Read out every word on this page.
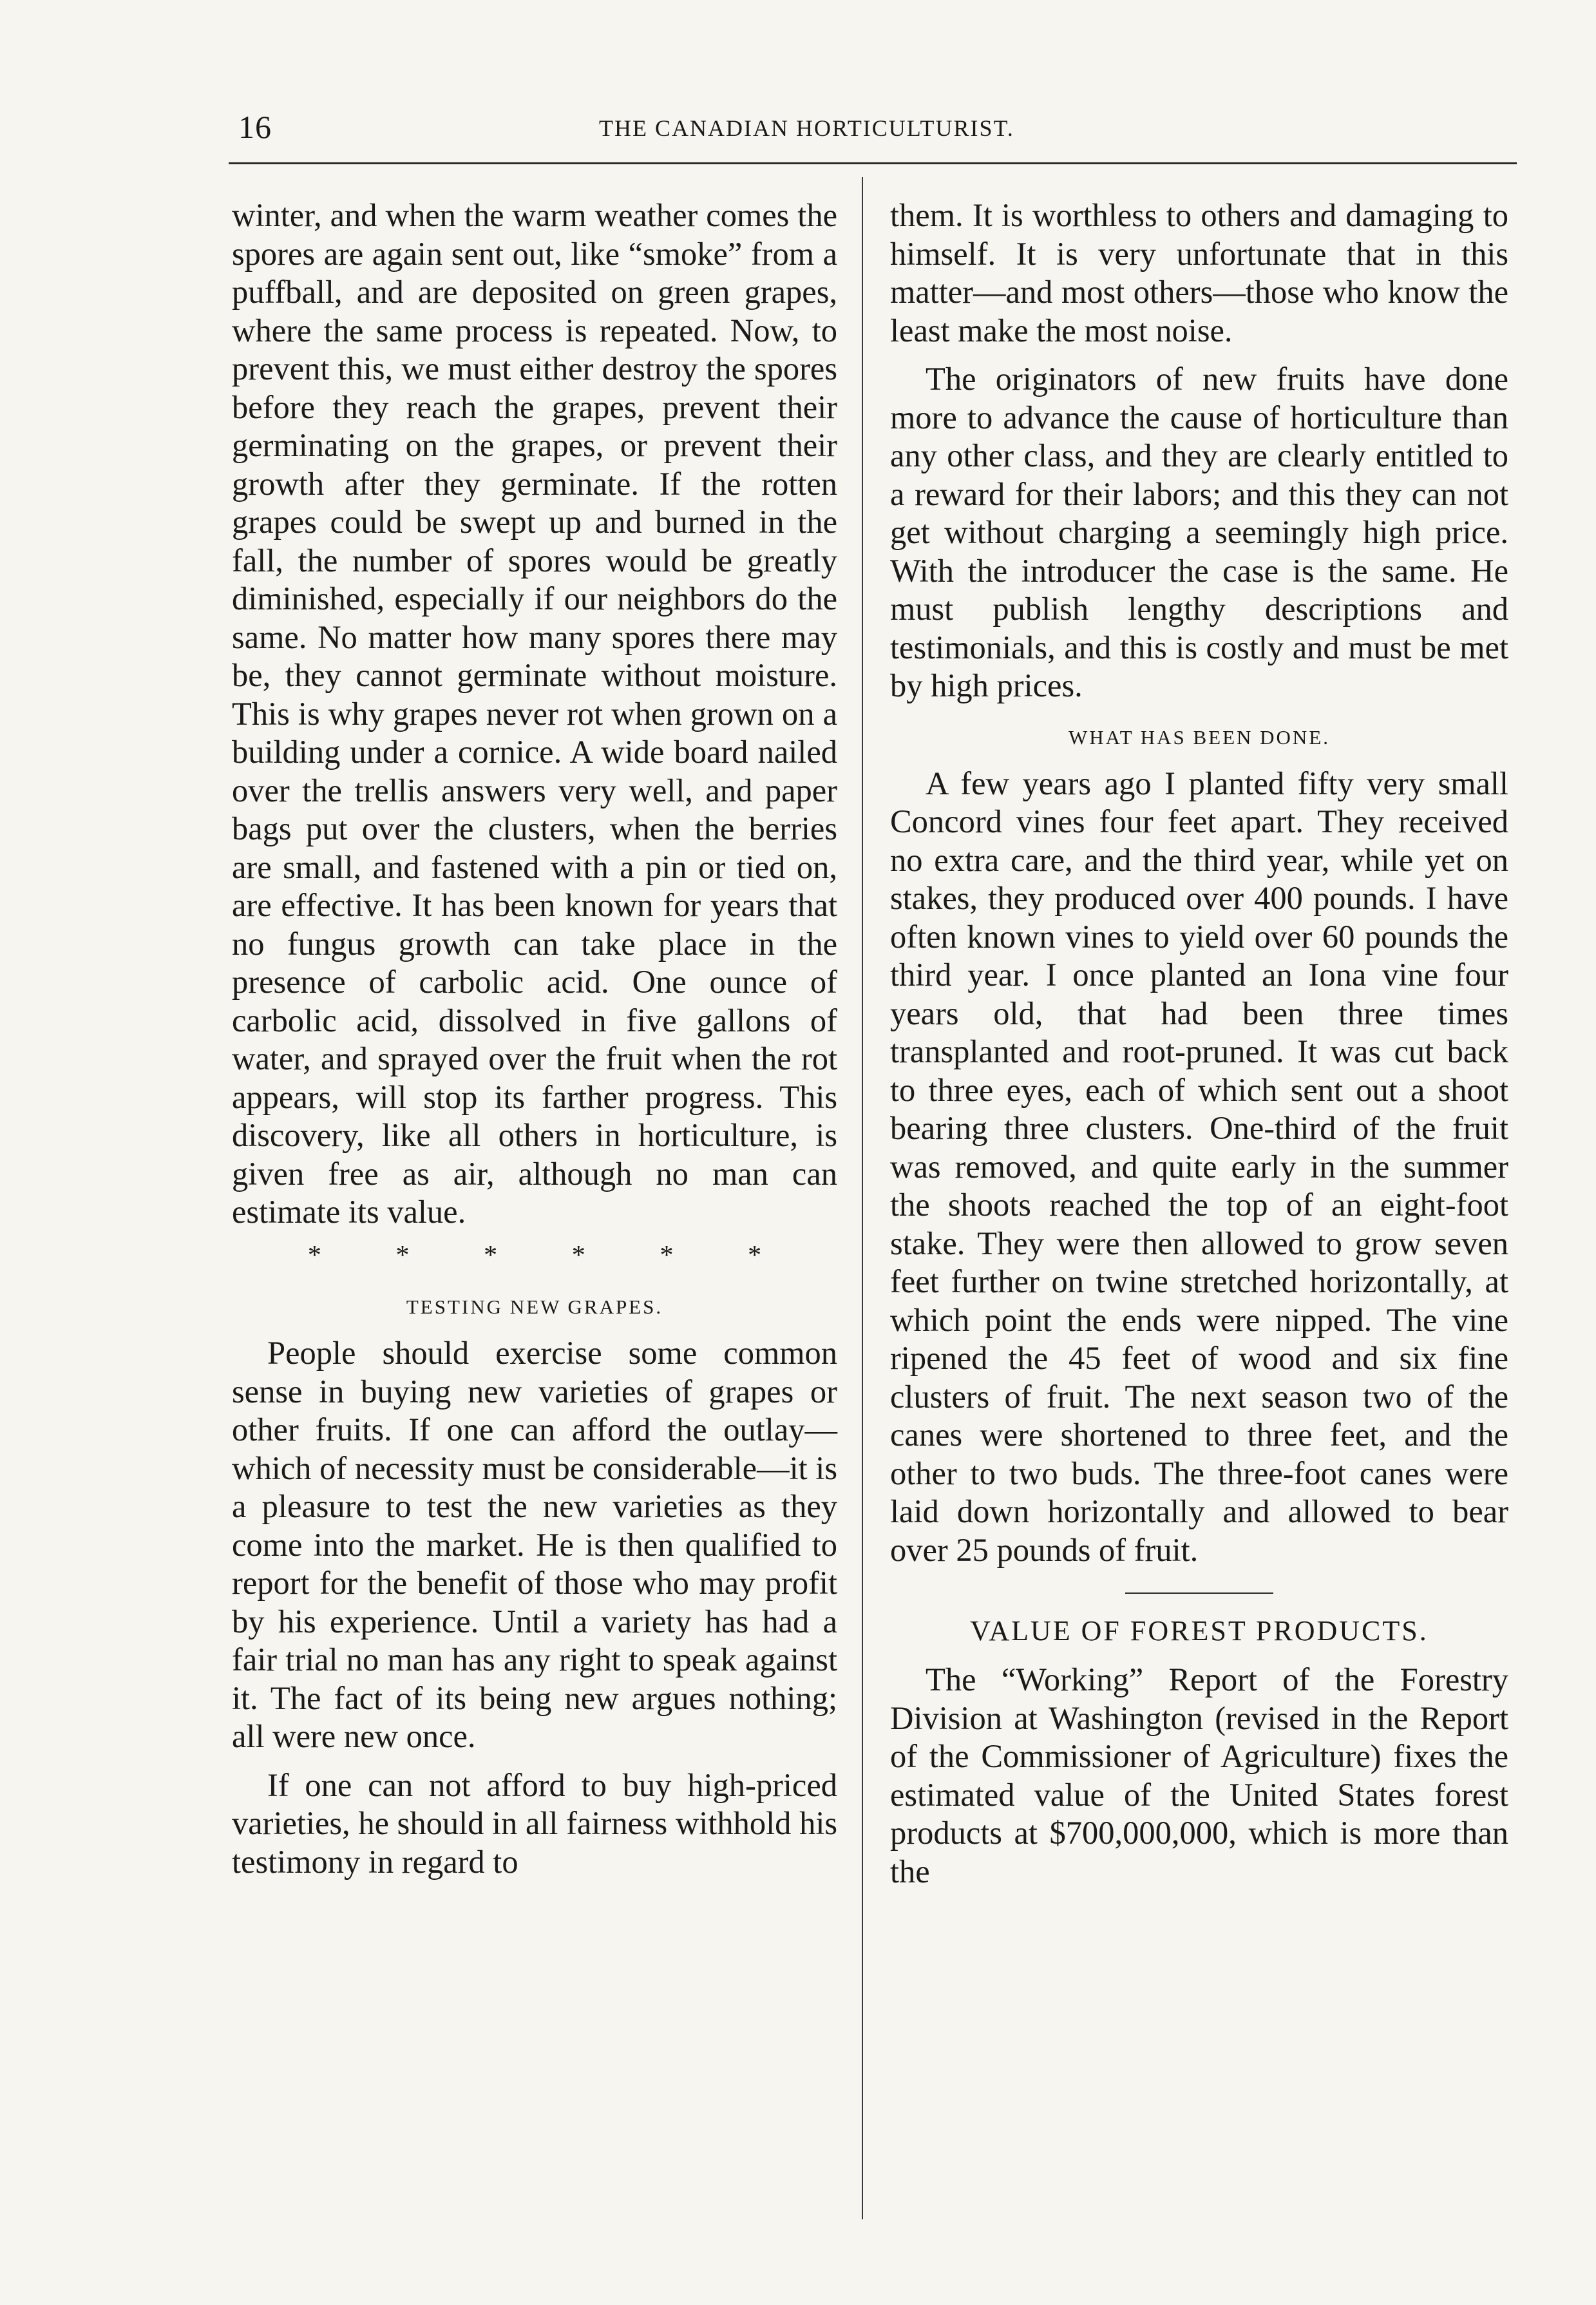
16	THE CANADIAN HORTICULTURIST.

winter, and when the warm weather comes the spores are again sent out, like “smoke” from a puffball, and are deposited on green grapes, where the same process is repeated. Now, to prevent this, we must either destroy the spores before they reach the grapes, prevent their germinating on the grapes, or prevent their growth after they germinate. If the rotten grapes could be swept up and burned in the fall, the number of spores would be greatly diminished, especially if our neighbors do the same. No matter how many spores there may be, they cannot germinate without moisture. This is why grapes never rot when grown on a building under a cornice. A wide board nailed over the trellis answers very well, and paper bags put over the clusters, when the berries are small, and fastened with a pin or tied on, are effective. It has been known for years that no fungus growth can take place in the presence of carbolic acid. One ounce of carbolic acid, dissolved in five gallons of water, and sprayed over the fruit when the rot appears, will stop its farther progress. This discovery, like all others in horticulture, is given free as air, although no man can estimate its value.

*	*	*	*	*	*
TESTING NEW GRAPES.

People should exercise some common sense in buying new varieties of grapes or other fruits. If one can afford the outlay—which of necessity must be considerable—it is a pleasure to test the new varieties as they come into the market. He is then qualified to report for the benefit of those who may profit by his experience. Until a variety has had a fair trial no man has any right to speak against it. The fact of its being new argues nothing; all were new once.

If one can not afford to buy high-priced varieties, he should in all fairness withhold his testimony in regard to

them. It is worthless to others and damaging to himself. It is very unfortunate that in this matter—and most others—those who know the least make the most noise.

The originators of new fruits have done more to advance the cause of horticulture than any other class, and they are clearly entitled to a reward for their labors; and this they can not get without charging a seemingly high price. With the introducer the case is the same. He must publish lengthy descriptions and testimonials, and this is costly and must be met by high prices.

WHAT HAS BEEN DONE.

A few years ago I planted fifty very small Concord vines four feet apart. They received no extra care, and the third year, while yet on stakes, they produced over 400 pounds. I have often known vines to yield over 60 pounds the third year. I once planted an Iona vine four years old, that had been three times transplanted and root-pruned. It was cut back to three eyes, each of which sent out a shoot bearing three clusters. One-third of the fruit was removed, and quite early in the summer the shoots reached the top of an eight-foot stake. They were then allowed to grow seven feet further on twine stretched horizontally, at which point the ends were nipped. The vine ripened the 45 feet of wood and six fine clusters of fruit. The next season two of the canes were shortened to three feet, and the other to two buds. The three-foot canes were laid down horizontally and allowed to bear over 25 pounds of fruit.

VALUE OF FOREST PRODUCTS.

The “Working” Report of the Forestry Division at Washington (revised in the Report of the Commissioner of Agriculture) fixes the estimated value of the United States forest products at $700,000,000, which is more than the
